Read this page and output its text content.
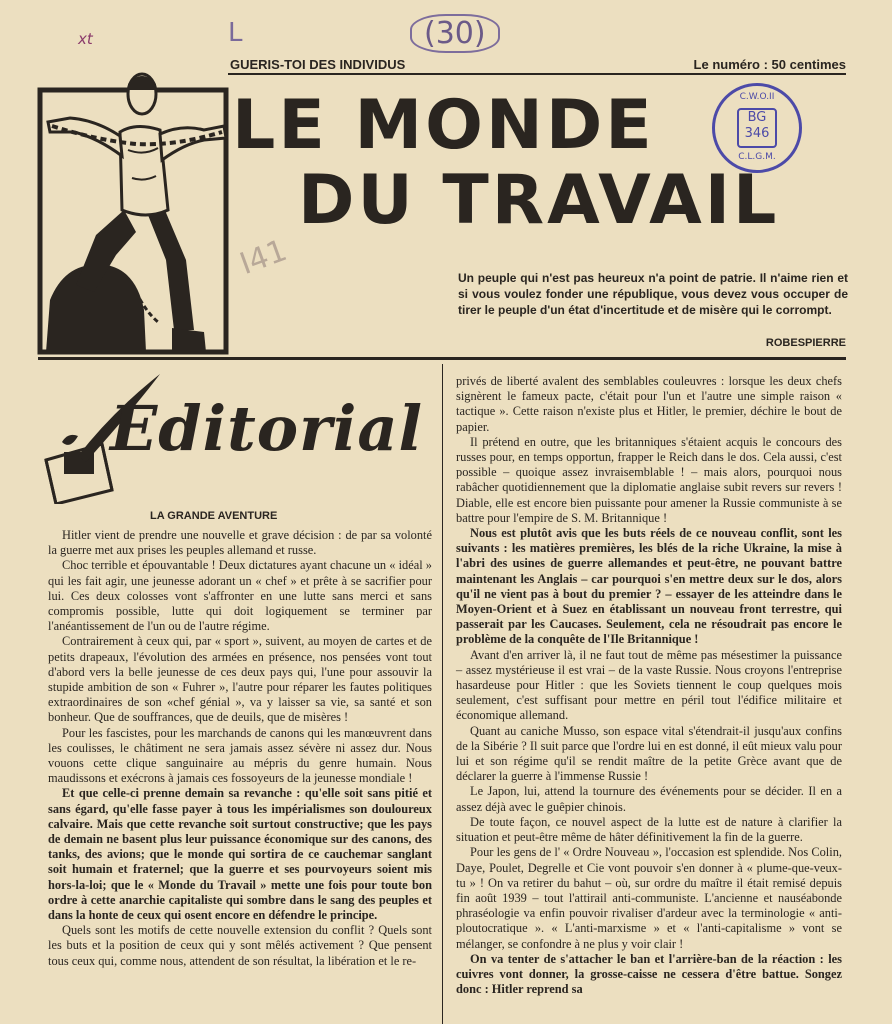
xt	L	(30)
I41
GUERIS-TOI DES INDIVIDUS	Le numéro : 50 centimes
LE MONDE
DU TRAVAIL
C.W.O.II
BG 346
C.L.G.M.
Un peuple qui n'est pas heureux n'a point de patrie. Il n'aime rien et si vous voulez fonder une république, vous devez vous occuper de tirer le peuple d'un état d'incertitude et de misère qui le corrompt.
ROBESPIERRE
Editorial
LA GRANDE AVENTURE

Hitler vient de prendre une nouvelle et grave décision : de par sa volonté la guerre met aux prises les peuples allemand et russe.

Choc terrible et épouvantable ! Deux dictatures ayant chacune un « idéal » qui les fait agir, une jeunesse adorant un « chef » et prête à se sacrifier pour lui. Ces deux colosses vont s'affronter en une lutte sans merci et sans compromis possible, lutte qui doit logiquement se terminer par l'anéantissement de l'un ou de l'autre régime.

Contrairement à ceux qui, par « sport », suivent, au moyen de cartes et de petits drapeaux, l'évolution des armées en présence, nos pensées vont tout d'abord vers la belle jeunesse de ces deux pays qui, l'une pour assouvir la stupide ambition de son « Fuhrer », l'autre pour réparer les fautes politiques extraordinaires de son «chef génial », va y laisser sa vie, sa santé et son bonheur. Que de souffrances, que de deuils, que de misères !

Pour les fascistes, pour les marchands de canons qui les manœuvrent dans les coulisses, le châtiment ne sera jamais assez sévère ni assez dur. Nous vouons cette clique sanguinaire au mépris du genre humain. Nous maudissons et exécrons à jamais ces fossoyeurs de la jeunesse mondiale !

Et que celle-ci prenne demain sa revanche : qu'elle soit sans pitié et sans égard, qu'elle fasse payer à tous les impérialismes son douloureux calvaire. Mais que cette revanche soit surtout constructive; que les pays de demain ne basent plus leur puissance économique sur des canons, des tanks, des avions; que le monde qui sortira de ce cauchemar sanglant soit humain et fraternel; que la guerre et ses pourvoyeurs soient mis hors-la-loi; que le « Monde du Travail » mette une fois pour toute bon ordre à cette anarchie capitaliste qui sombre dans le sang des peuples et dans la honte de ceux qui osent encore en défendre le principe.

Quels sont les motifs de cette nouvelle extension du conflit ? Quels sont les buts et la position de ceux qui y sont mêlés activement ? Que pensent tous ceux qui, comme nous, attendent de son résultat, la libération et le re-

privés de liberté avalent des semblables couleuvres : lorsque les deux chefs signèrent le fameux pacte, c'était pour l'un et l'autre une simple raison « tactique ». Cette raison n'existe plus et Hitler, le premier, déchire le bout de papier.

Il prétend en outre, que les britanniques s'étaient acquis le concours des russes pour, en temps opportun, frapper le Reich dans le dos. Cela aussi, c'est possible – quoique assez invraisemblable ! – mais alors, pourquoi nous rabâcher quotidiennement que la diplomatie anglaise subit revers sur revers ! Diable, elle est encore bien puissante pour amener la Russie communiste à se battre pour l'empire de S. M. Britannique !

Nous est plutôt avis que les buts réels de ce nouveau conflit, sont les suivants : les matières premières, les blés de la riche Ukraine, la mise à l'abri des usines de guerre allemandes et peut-être, ne pouvant battre maintenant les Anglais – car pourquoi s'en mettre deux sur le dos, alors qu'il ne vient pas à bout du premier ? – essayer de les atteindre dans le Moyen-Orient et à Suez en établissant un nouveau front terrestre, qui passerait par les Caucases. Seulement, cela ne résoudrait pas encore le problème de la conquête de l'Ile Britannique !

Avant d'en arriver là, il ne faut tout de même pas mésestimer la puissance – assez mystérieuse il est vrai – de la vaste Russie. Nous croyons l'entreprise hasardeuse pour Hitler : que les Soviets tiennent le coup quelques mois seulement, c'est suffisant pour mettre en péril tout l'édifice militaire et économique allemand.

Quant au caniche Musso, son espace vital s'étendrait-il jusqu'aux confins de la Sibérie ? Il suit parce que l'ordre lui en est donné, il eût mieux valu pour lui et son régime qu'il se rendit maître de la petite Grèce avant que de déclarer la guerre à l'immense Russie !

Le Japon, lui, attend la tournure des événements pour se décider. Il en a assez déjà avec le guêpier chinois.

De toute façon, ce nouvel aspect de la lutte est de nature à clarifier la situation et peut-être même de hâter définitivement la fin de la guerre.

Pour les gens de l' « Ordre Nouveau », l'occasion est splendide. Nos Colin, Daye, Poulet, Degrelle et Cie vont pouvoir s'en donner à « plume-que-veux-tu » ! On va retirer du bahut – où, sur ordre du maître il était remisé depuis fin août 1939 – tout l'attirail anti-communiste. L'ancienne et nauséabonde phraséologie va enfin pouvoir rivaliser d'ardeur avec la terminologie « anti-ploutocratique ». « L'anti-marxisme » et « l'anti-capitalisme » vont se mélanger, se confondre à ne plus y voir clair !

On va tenter de s'attacher le ban et l'arrière-ban de la réaction : les cuivres vont donner, la grosse-caisse ne cessera d'être battue. Songez donc : Hitler reprend sa
